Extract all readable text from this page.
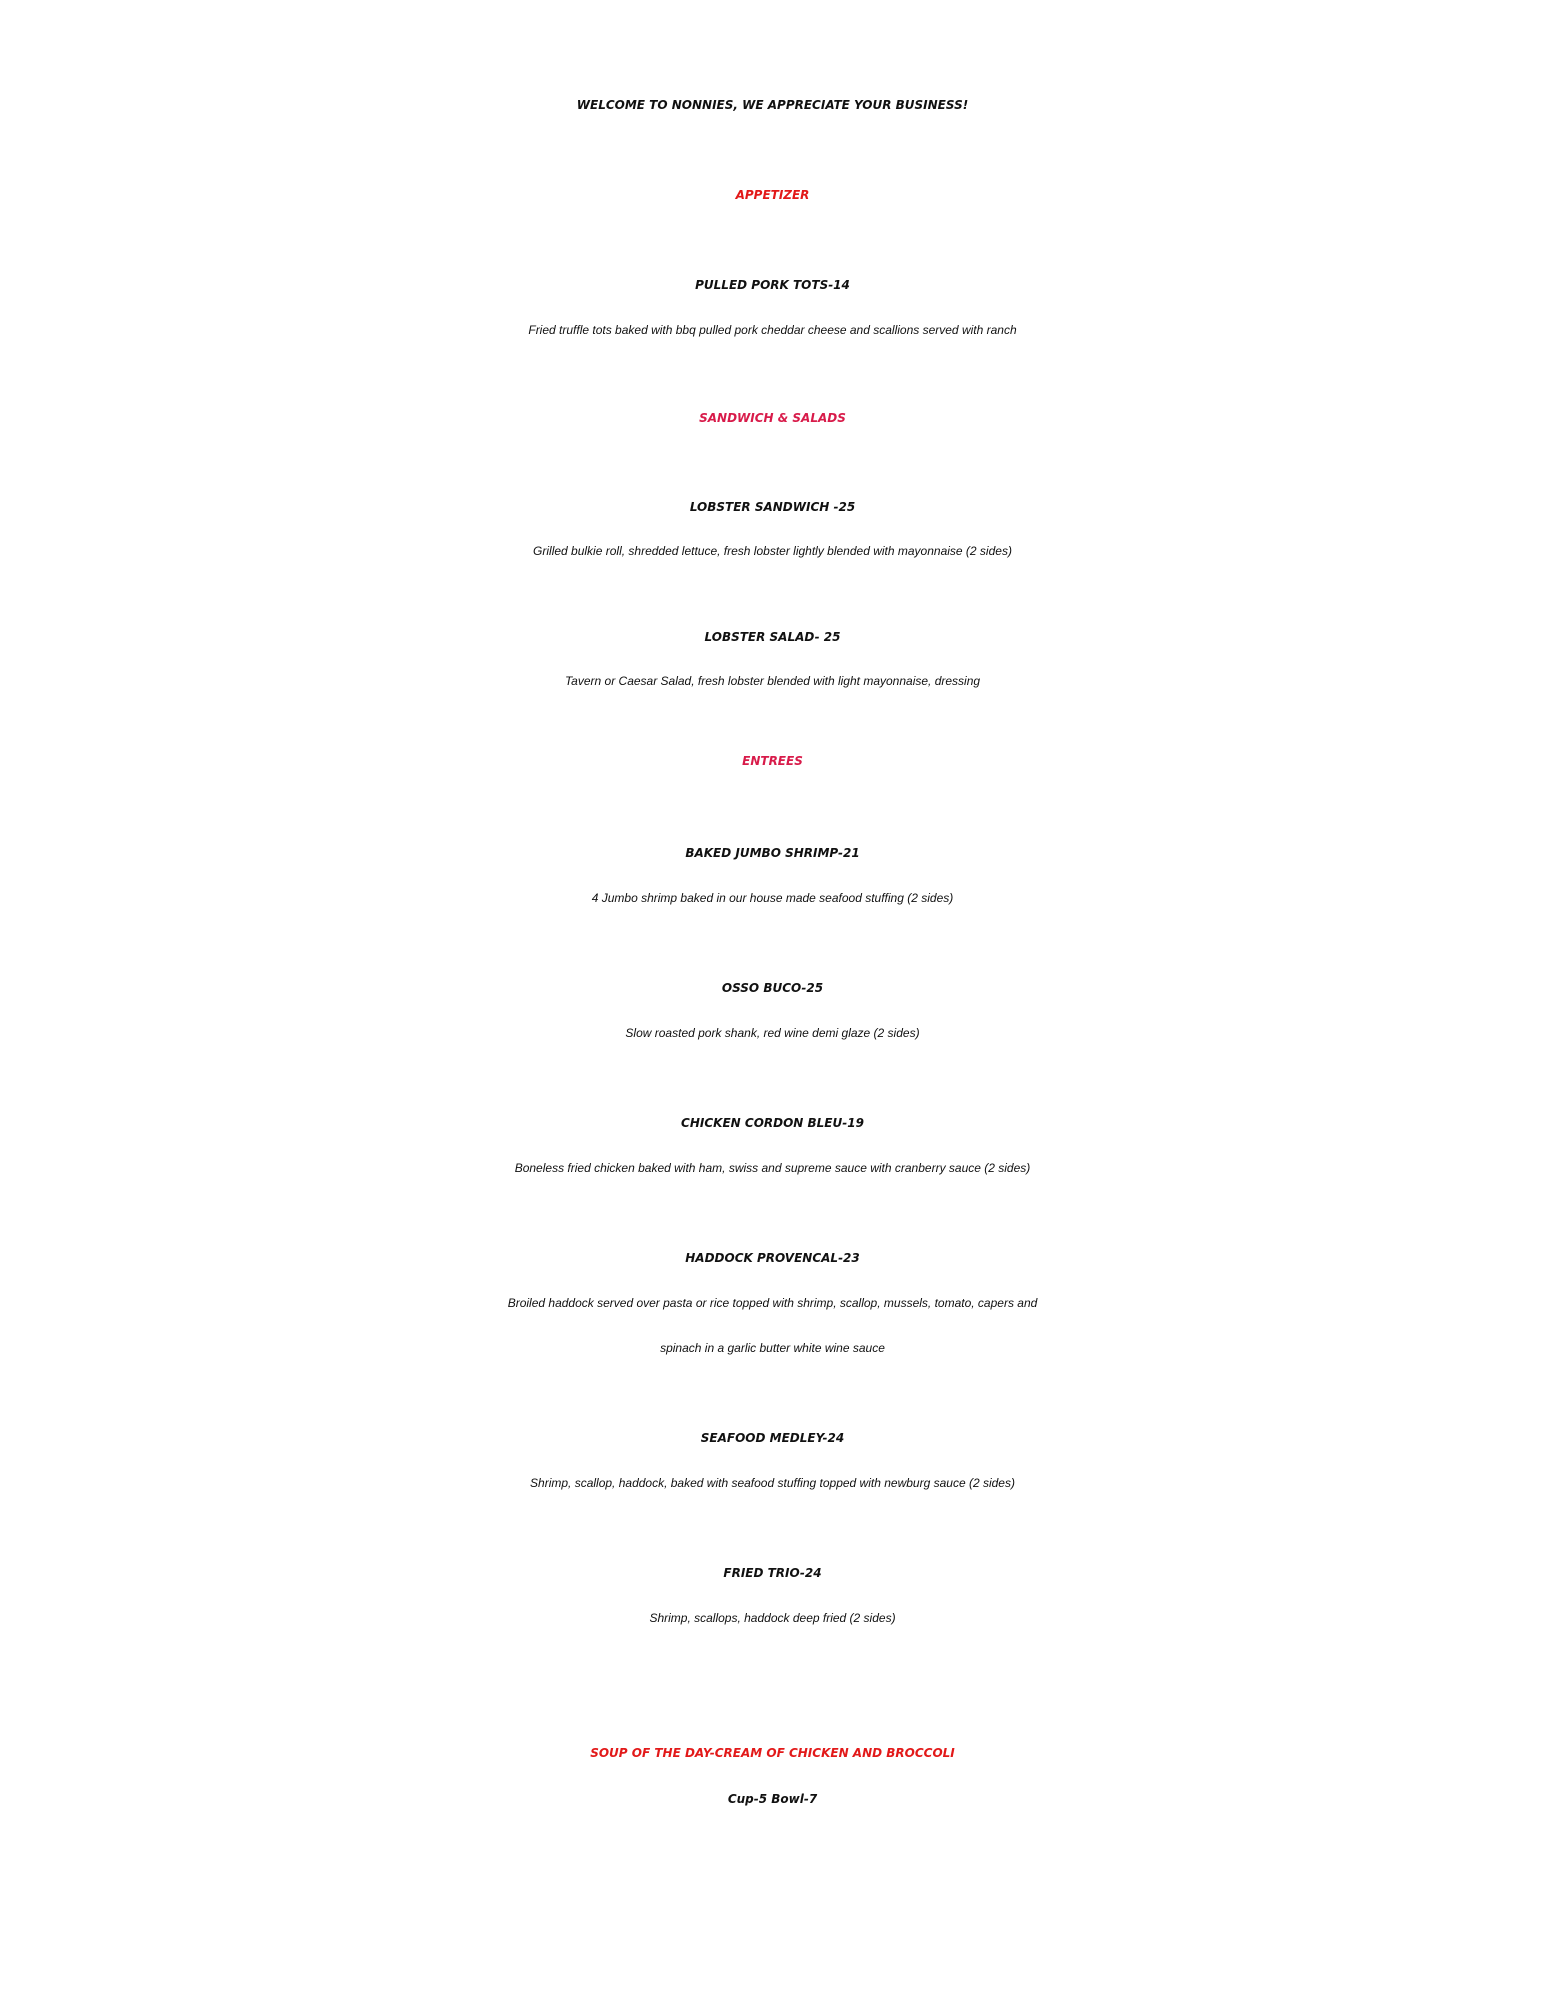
WELCOME TO NONNIES, WE APPRECIATE YOUR BUSINESS!

APPETIZER

PULLED PORK TOTS-14

Fried truffle tots baked with bbq pulled pork cheddar cheese and scallions served with ranch

SANDWICH & SALADS

LOBSTER SANDWICH -25

Grilled bulkie roll, shredded lettuce, fresh lobster lightly blended with mayonnaise (2 sides)

LOBSTER SALAD- 25

Tavern or Caesar Salad, fresh lobster blended with light mayonnaise, dressing

ENTREES

BAKED JUMBO SHRIMP-21

4 Jumbo shrimp baked in our house made seafood stuffing (2 sides)

OSSO BUCO-25

Slow roasted pork shank, red wine demi glaze (2 sides)

CHICKEN CORDON BLEU-19

Boneless fried chicken baked with ham, swiss and supreme sauce with cranberry sauce (2 sides)

HADDOCK PROVENCAL-23

Broiled haddock served over pasta or rice topped with shrimp, scallop, mussels, tomato, capers and

spinach in a garlic butter white wine sauce

SEAFOOD MEDLEY-24

Shrimp, scallop, haddock, baked with seafood stuffing topped with newburg sauce (2 sides)

FRIED TRIO-24

Shrimp, scallops, haddock deep fried (2 sides)

SOUP OF THE DAY-CREAM OF CHICKEN AND BROCCOLI

Cup-5 Bowl-7
